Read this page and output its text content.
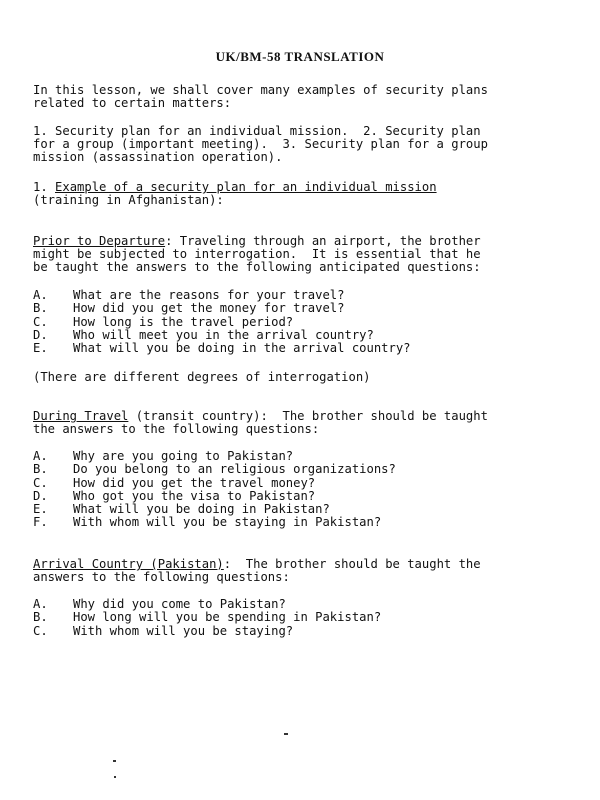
UK/BM-58 TRANSLATION

In this lesson, we shall cover many examples of security plans
related to certain matters:

1. Security plan for an individual mission.  2. Security plan
for a group (important meeting).  3. Security plan for a group
mission (assassination operation).

1. Example of a security plan for an individual mission
(training in Afghanistan):

Prior to Departure: Traveling through an airport, the brother
might be subjected to interrogation.  It is essential that he
be taught the answers to the following anticipated questions:

A.	What are the reasons for your travel?
B.	How did you get the money for travel?
C.	How long is the travel period?
D.	Who will meet you in the arrival country?
E.	What will you be doing in the arrival country?

(There are different degrees of interrogation)

During Travel (transit country):  The brother should be taught
the answers to the following questions:

A.	Why are you going to Pakistan?
B.	Do you belong to an religious organizations?
C.	How did you get the travel money?
D.	Who got you the visa to Pakistan?
E.	What will you be doing in Pakistan?
F.	With whom will you be staying in Pakistan?

Arrival Country (Pakistan):  The brother should be taught the
answers to the following questions:

A.	Why did you come to Pakistan?
B.	How long will you be spending in Pakistan?
C.	With whom will you be staying?
